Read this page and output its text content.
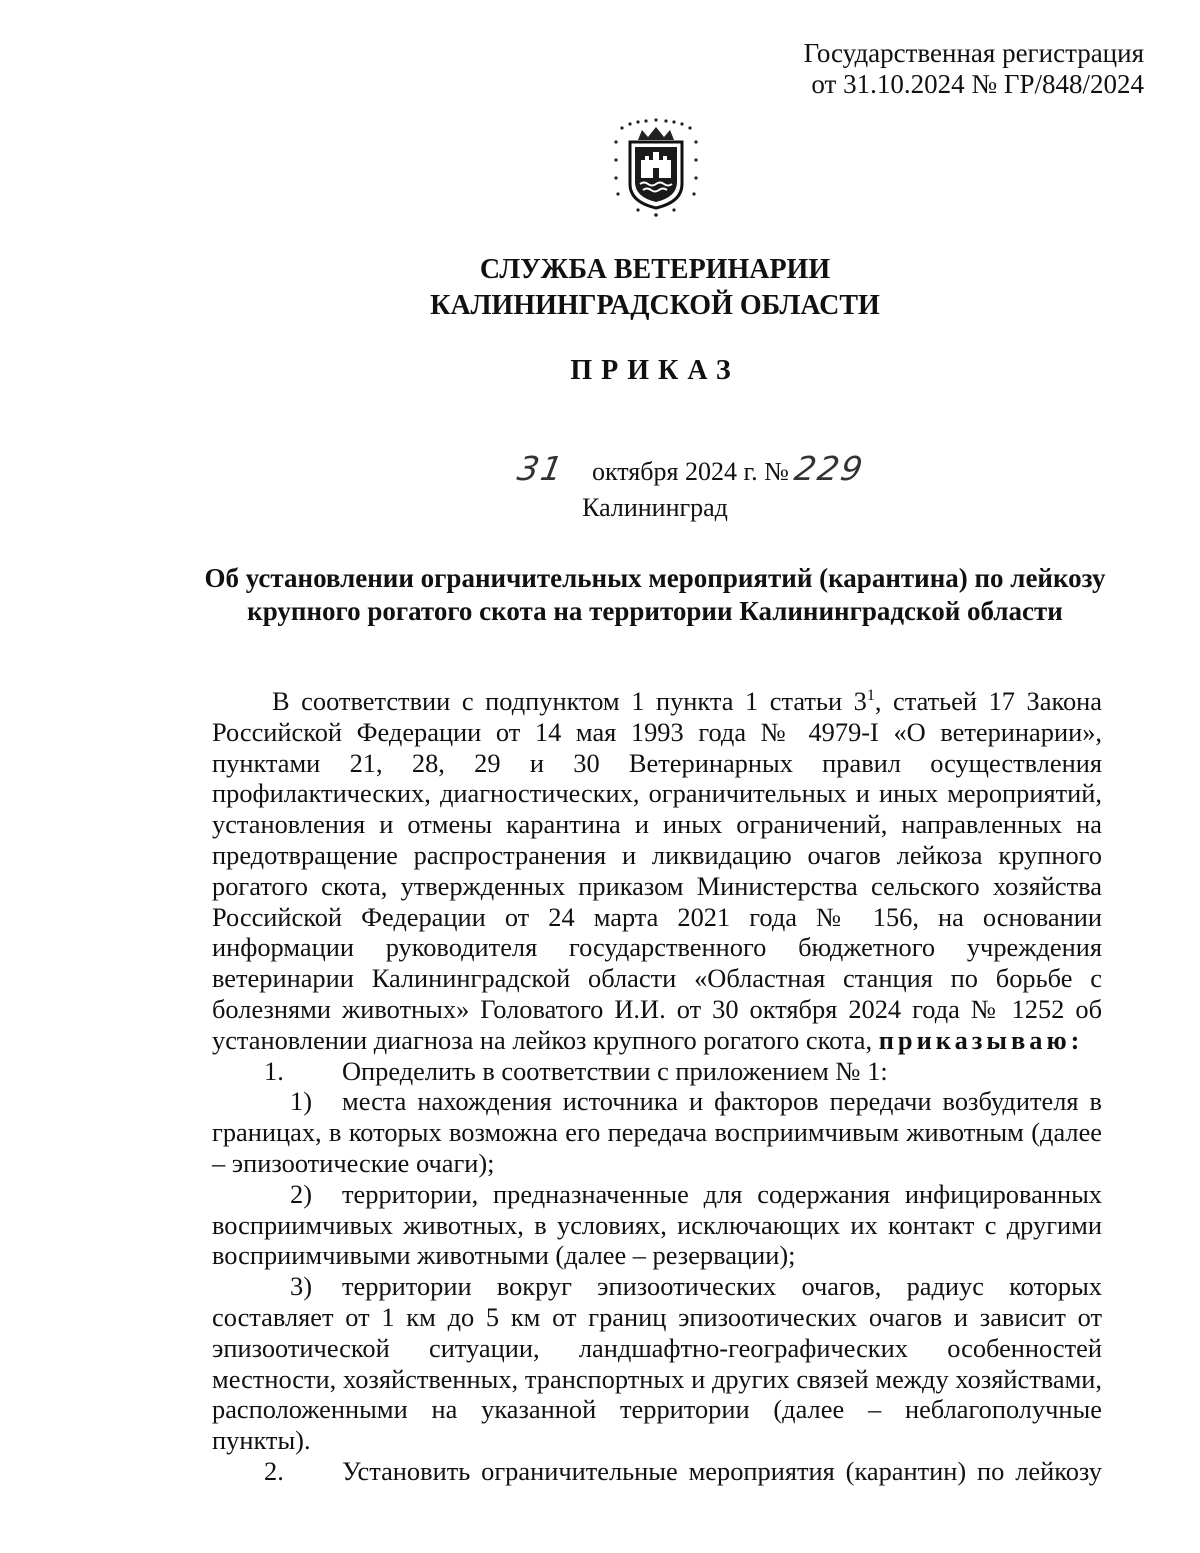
Государственная регистрация
от 31.10.2024 № ГР/848/2024
СЛУЖБА ВЕТЕРИНАРИИ
КАЛИНИНГРАДСКОЙ ОБЛАСТИ
ПРИКАЗ
31 октября 2024 г. №229
Калининград
Об установлении ограничительных мероприятий (карантина) по лейкозу
крупного рогатого скота на территории Калининградской области

В соответствии с подпунктом 1 пункта 1 статьи $3^1$, статьей 17 Закона Российской Федерации от 14 мая 1993 года № 4979-I «О ветеринарии», пунктами 21, 28, 29 и 30 Ветеринарных правил осуществления профилактических, диагностических, ограничительных и иных мероприятий, установления и отмены карантина и иных ограничений, направленных на предотвращение распространения и ликвидацию очагов лейкоза крупного рогатого скота, утвержденных приказом Министерства сельского хозяйства Российской Федерации от 24 марта 2021 года № 156, на основании информации руководителя государственного бюджетного учреждения ветеринарии Калининградской области «Областная станция по борьбе с болезнями животных» Головатого И.И. от 30 октября 2024 года № 1252 об установлении диагноза на лейкоз крупного рогатого скота, приказываю:

1.	Определить в соответствии с приложением № 1:

1) места нахождения источника и факторов передачи возбудителя в границах, в которых возможна его передача восприимчивым животным (далее – эпизоотические очаги);

2) территории, предназначенные для содержания инфицированных восприимчивых животных, в условиях, исключающих их контакт с другими восприимчивыми животными (далее – резервации);

3) территории вокруг эпизоотических очагов, радиус которых составляет от 1 км до 5 км от границ эпизоотических очагов и зависит от эпизоотической ситуации, ландшафтно-географических особенностей местности, хозяйственных, транспортных и других связей между хозяйствами, расположенными на указанной территории (далее – неблагополучные пункты).

2.	Установить ограничительные мероприятия (карантин) по лейкозу
